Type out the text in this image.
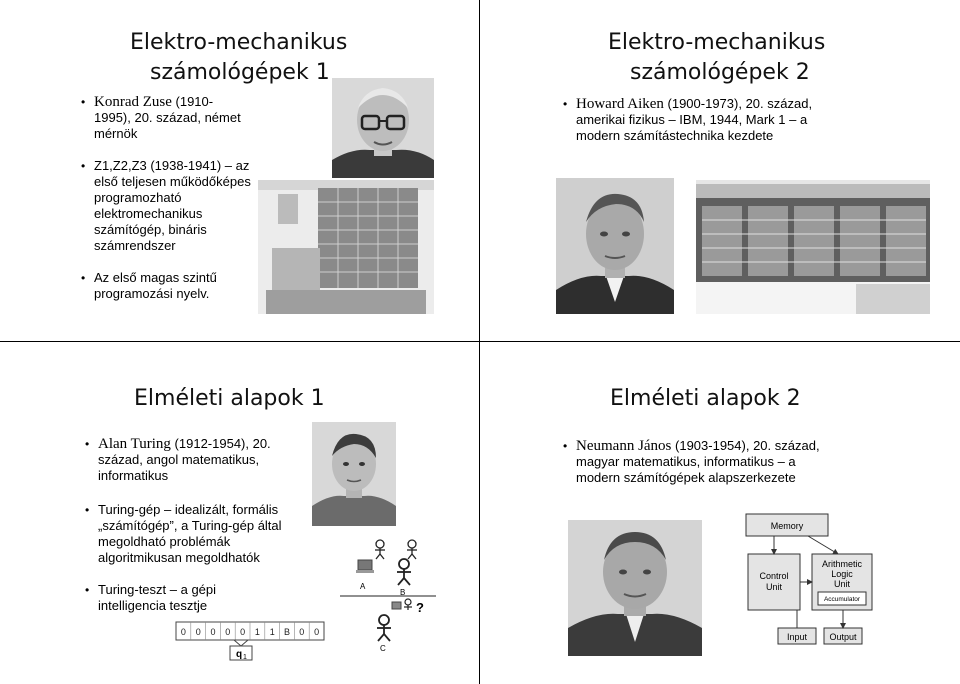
Elektro-mechanikus
számológépek 1
• Konrad Zuse (1910-
1995), 20. század, német
mérnök
• Z1,Z2,Z3 (1938-1941) – az
első teljesen működőképes
programozható
elektromechanikus
számítógép, bináris
számrendszer
• Az első magas szintű
programozási nyelv.
Elektro-mechanikus
számológépek 2
• Howard Aiken (1900-1973), 20. század,
amerikai fizikus – IBM, 1944, Mark 1 – a
modern számítástechnika kezdete
Elméleti alapok 1
• Alan Turing (1912-1954), 20.
század, angol matematikus,
informatikus
• Turing-gép – idealizált, formális
„számítógép”, a Turing-gép által
megoldható problémák
algoritmikusan megoldhatók
• Turing-teszt – a gépi
intelligencia tesztje
0 0 0 0 0 1 1 B 0 0
q 1
A
B
?
C
Elméleti alapok 2
• Neumann János (1903-1954), 20. század,
magyar matematikus, informatikus – a
modern számítógépek alapszerkezete
Memory
Control
Unit
Arithmetic
Logic
Unit
Accumulator
Input Output
